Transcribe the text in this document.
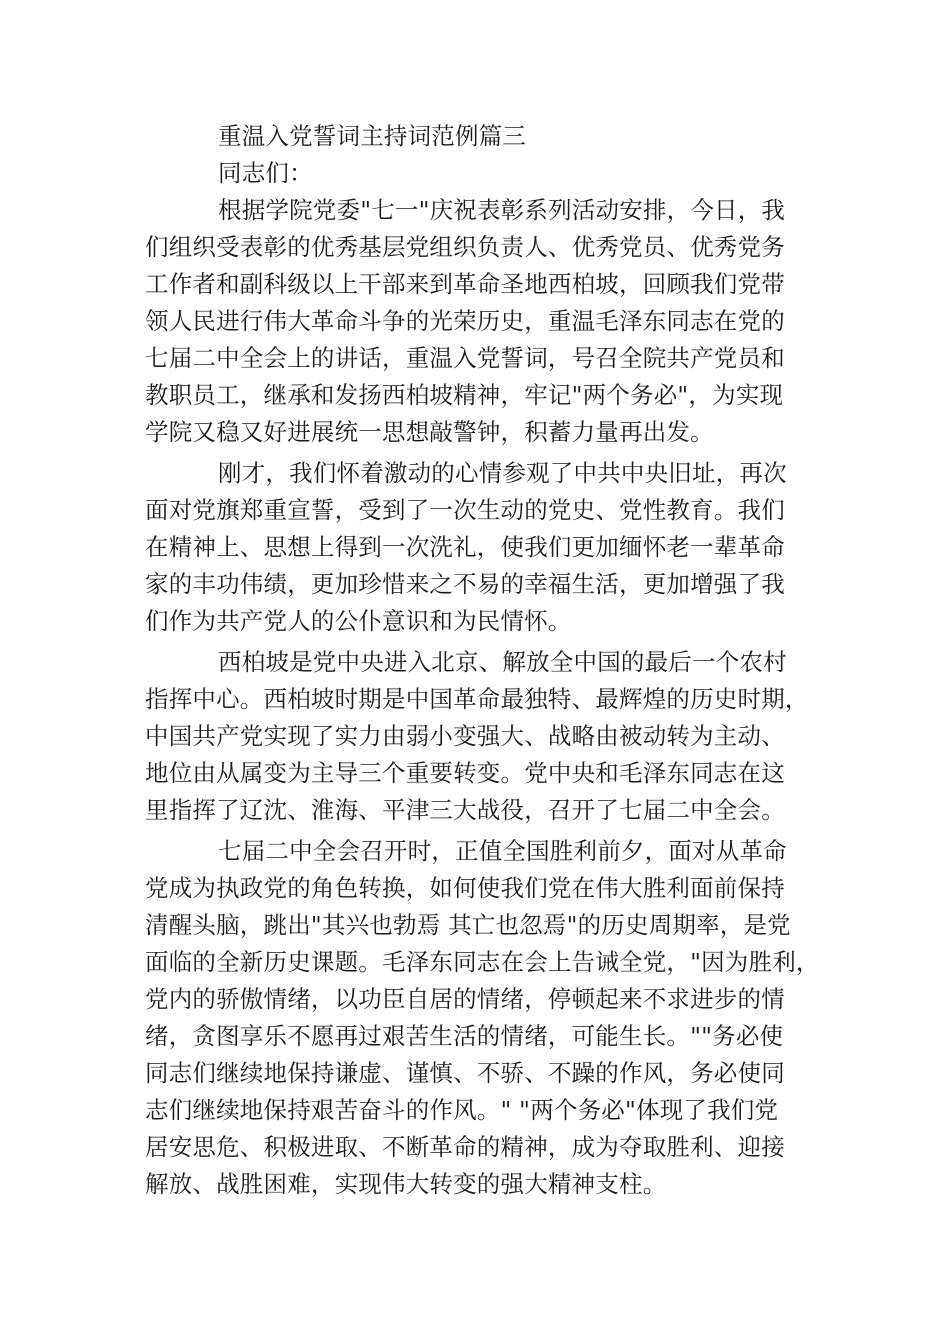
重温入党誓词主持词范例篇三
同志们：
根据学院党委"七一"庆祝表彰系列活动安排，今日，我
们组织受表彰的优秀基层党组织负责人、优秀党员、优秀党务
工作者和副科级以上干部来到革命圣地西柏坡，回顾我们党带
领人民进行伟大革命斗争的光荣历史，重温毛泽东同志在党的
七届二中全会上的讲话，重温入党誓词，号召全院共产党员和
教职员工，继承和发扬西柏坡精神，牢记"两个务必"，为实现
学院又稳又好进展统一思想敲警钟，积蓄力量再出发。
刚才，我们怀着激动的心情参观了中共中央旧址，再次
面对党旗郑重宣誓，受到了一次生动的党史、党性教育。我们
在精神上、思想上得到一次洗礼，使我们更加缅怀老一辈革命
家的丰功伟绩，更加珍惜来之不易的幸福生活，更加增强了我
们作为共产党人的公仆意识和为民情怀。
西柏坡是党中央进入北京、解放全中国的最后一个农村
指挥中心。西柏坡时期是中国革命最独特、最辉煌的历史时期，
中国共产党实现了实力由弱小变强大、战略由被动转为主动、
地位由从属变为主导三个重要转变。党中央和毛泽东同志在这
里指挥了辽沈、淮海、平津三大战役，召开了七届二中全会。
七届二中全会召开时，正值全国胜利前夕，面对从革命
党成为执政党的角色转换，如何使我们党在伟大胜利面前保持
清醒头脑，跳出"其兴也勃焉 其亡也忽焉"的历史周期率，是党
面临的全新历史课题。毛泽东同志在会上告诫全党，"因为胜利，
党内的骄傲情绪，以功臣自居的情绪，停顿起来不求进步的情
绪，贪图享乐不愿再过艰苦生活的情绪，可能生长。""务必使
同志们继续地保持谦虚、谨慎、不骄、不躁的作风，务必使同
志们继续地保持艰苦奋斗的作风。" "两个务必"体现了我们党
居安思危、积极进取、不断革命的精神，成为夺取胜利、迎接
解放、战胜困难，实现伟大转变的强大精神支柱。
